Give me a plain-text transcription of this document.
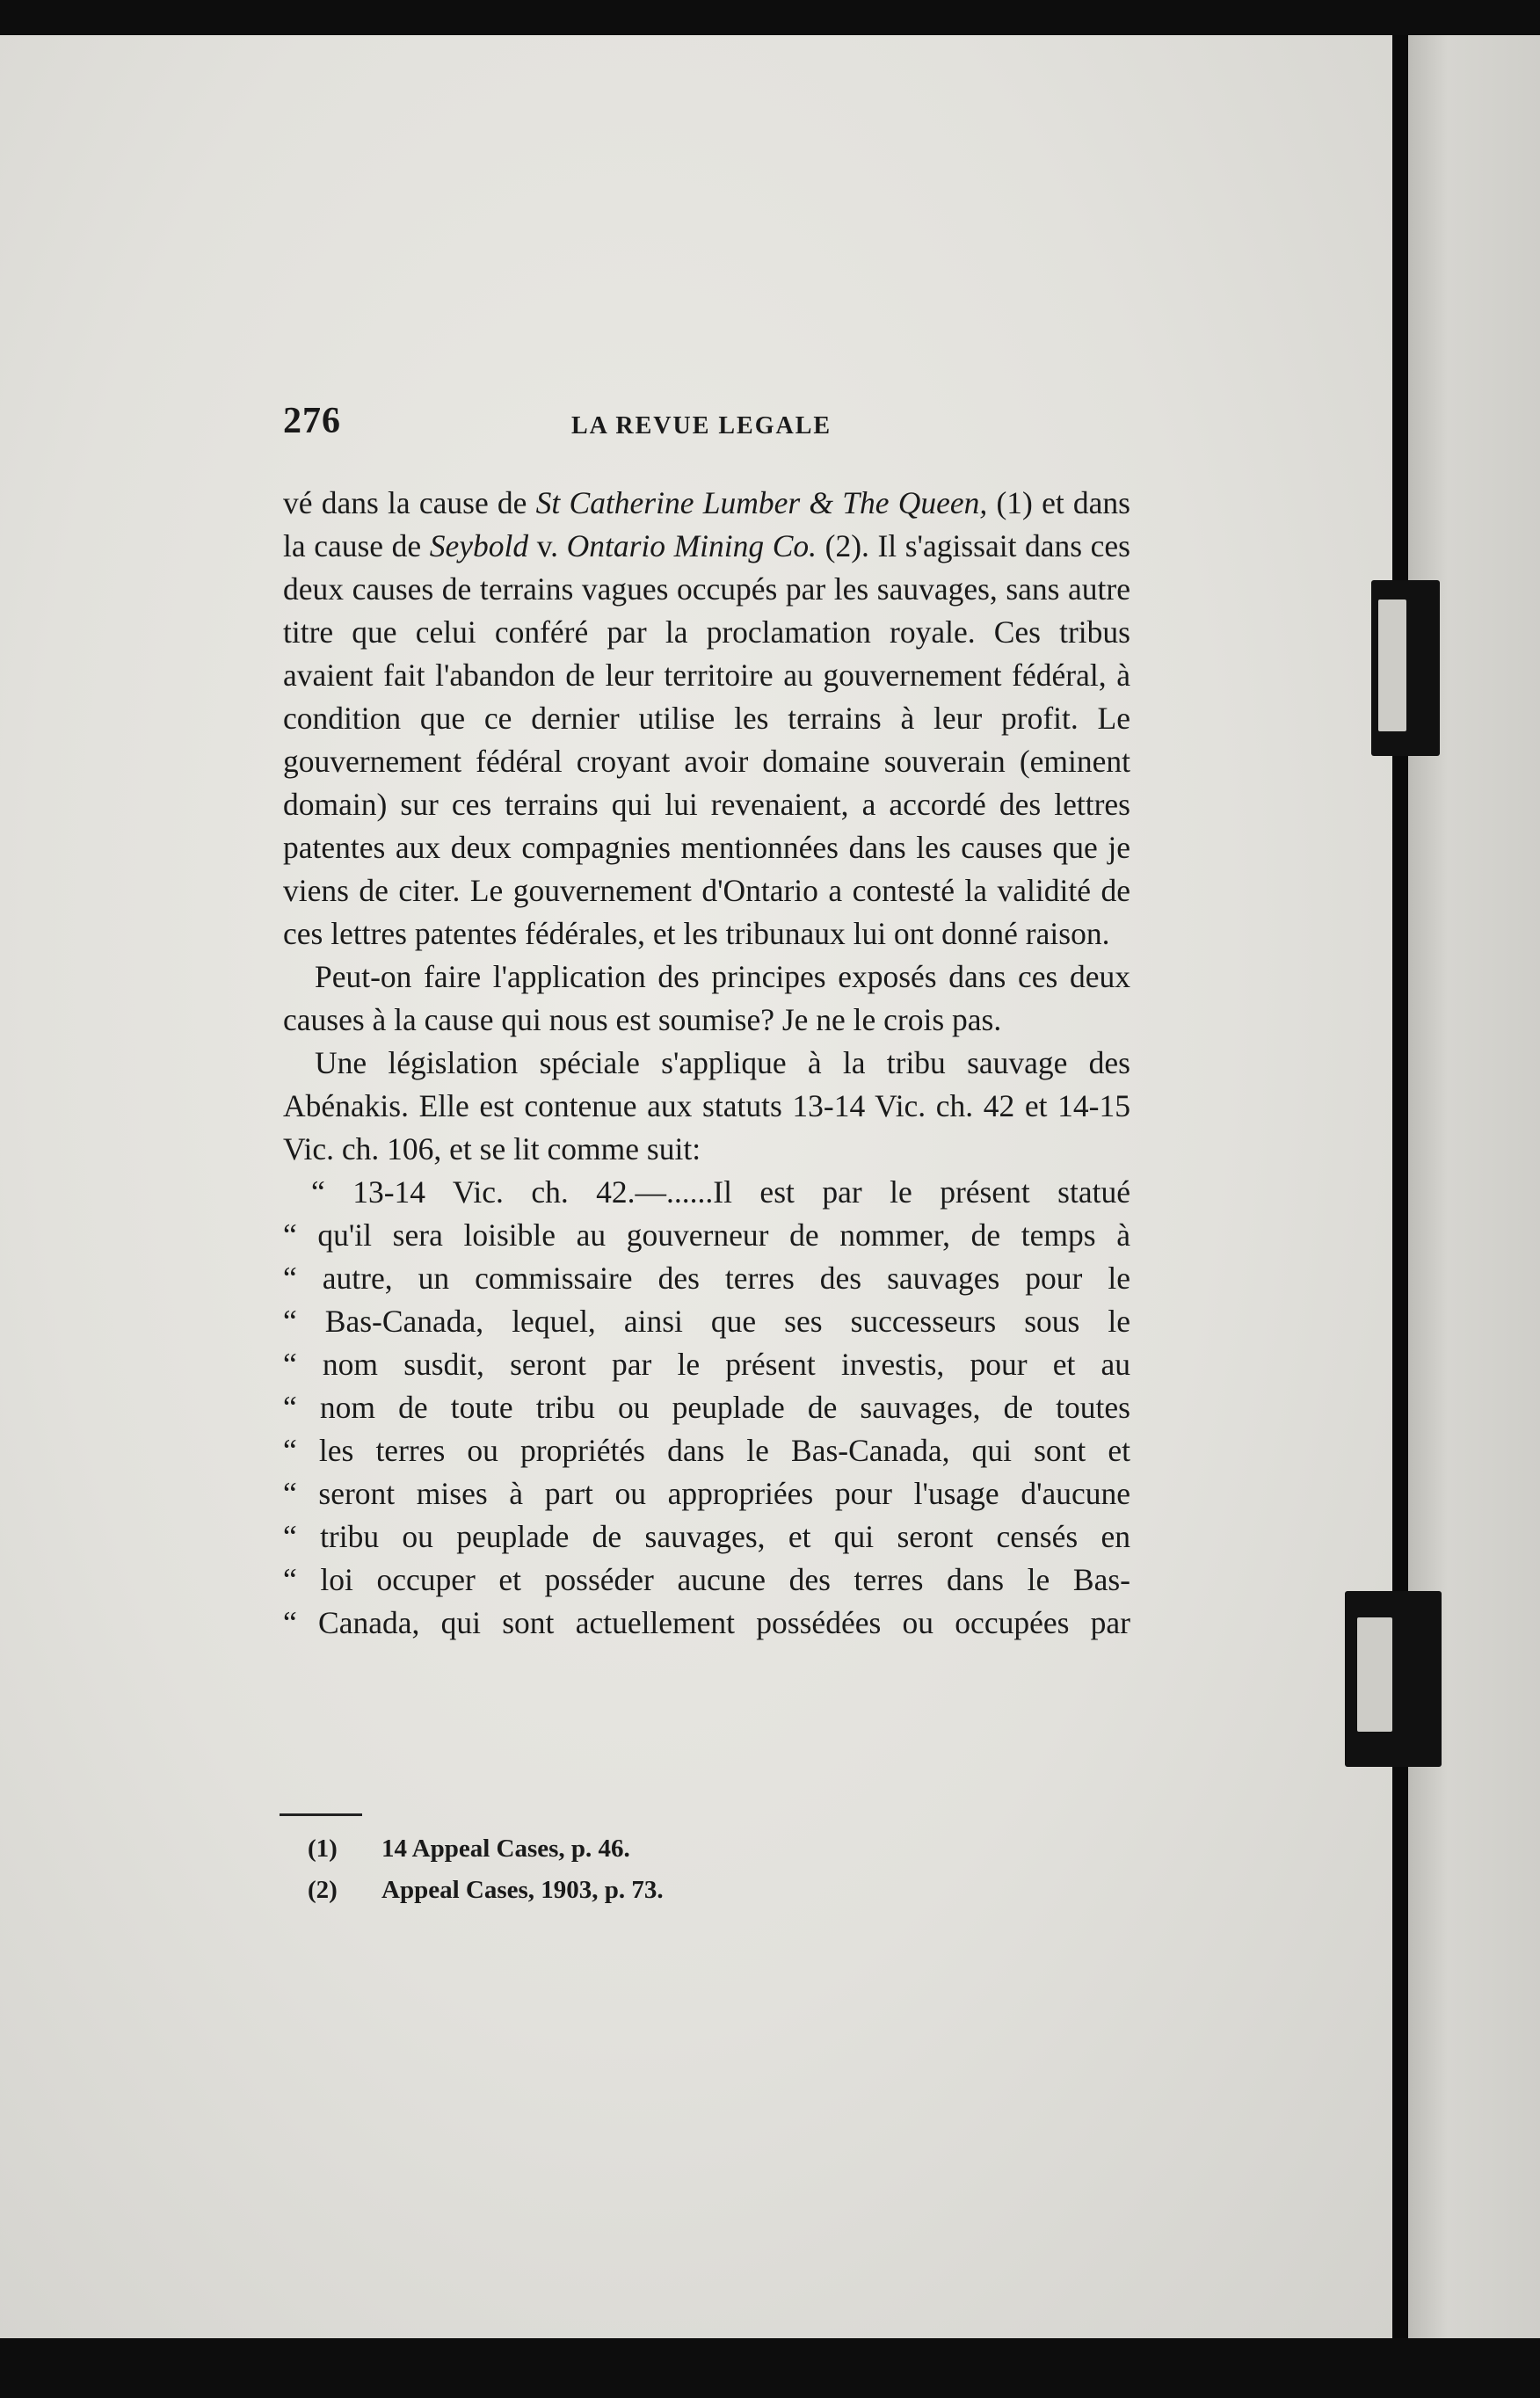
276	LA REVUE LEGALE

vé dans la cause de St Catherine Lumber & The Queen, (1) et dans la cause de Seybold v. Ontario Mining Co. (2). Il s'agissait dans ces deux causes de terrains vagues occupés par les sauvages, sans autre titre que celui conféré par la proclamation royale. Ces tribus avaient fait l'abandon de leur territoire au gouvernement fédéral, à condition que ce dernier utilise les terrains à leur profit. Le gouvernement fédéral croyant avoir domaine souverain (eminent domain) sur ces terrains qui lui revenaient, a accordé des lettres patentes aux deux compagnies mentionnées dans les causes que je viens de citer. Le gouvernement d'Ontario a contesté la validité de ces lettres patentes fédérales, et les tribunaux lui ont donné raison.

Peut-on faire l'application des principes exposés dans ces deux causes à la cause qui nous est soumise? Je ne le crois pas.

Une législation spéciale s'applique à la tribu sauvage des Abénakis. Elle est contenue aux statuts 13-14 Vic. ch. 42 et 14-15 Vic. ch. 106, et se lit comme suit:

“ 13-14 Vic. ch. 42.—......Il est par le présent statué
“ qu'il sera loisible au gouverneur de nommer, de temps à
“ autre, un commissaire des terres des sauvages pour le
“ Bas-Canada, lequel, ainsi que ses successeurs sous le
“ nom susdit, seront par le présent investis, pour et au
“ nom de toute tribu ou peuplade de sauvages, de toutes
“ les terres ou propriétés dans le Bas-Canada, qui sont et
“ seront mises à part ou appropriées pour l'usage d'aucune
“ tribu ou peuplade de sauvages, et qui seront censés en
“ loi occuper et posséder aucune des terres dans le Bas-
“ Canada, qui sont actuellement possédées ou occupées par
(1) 14 Appeal Cases, p. 46.
(2) Appeal Cases, 1903, p. 73.
